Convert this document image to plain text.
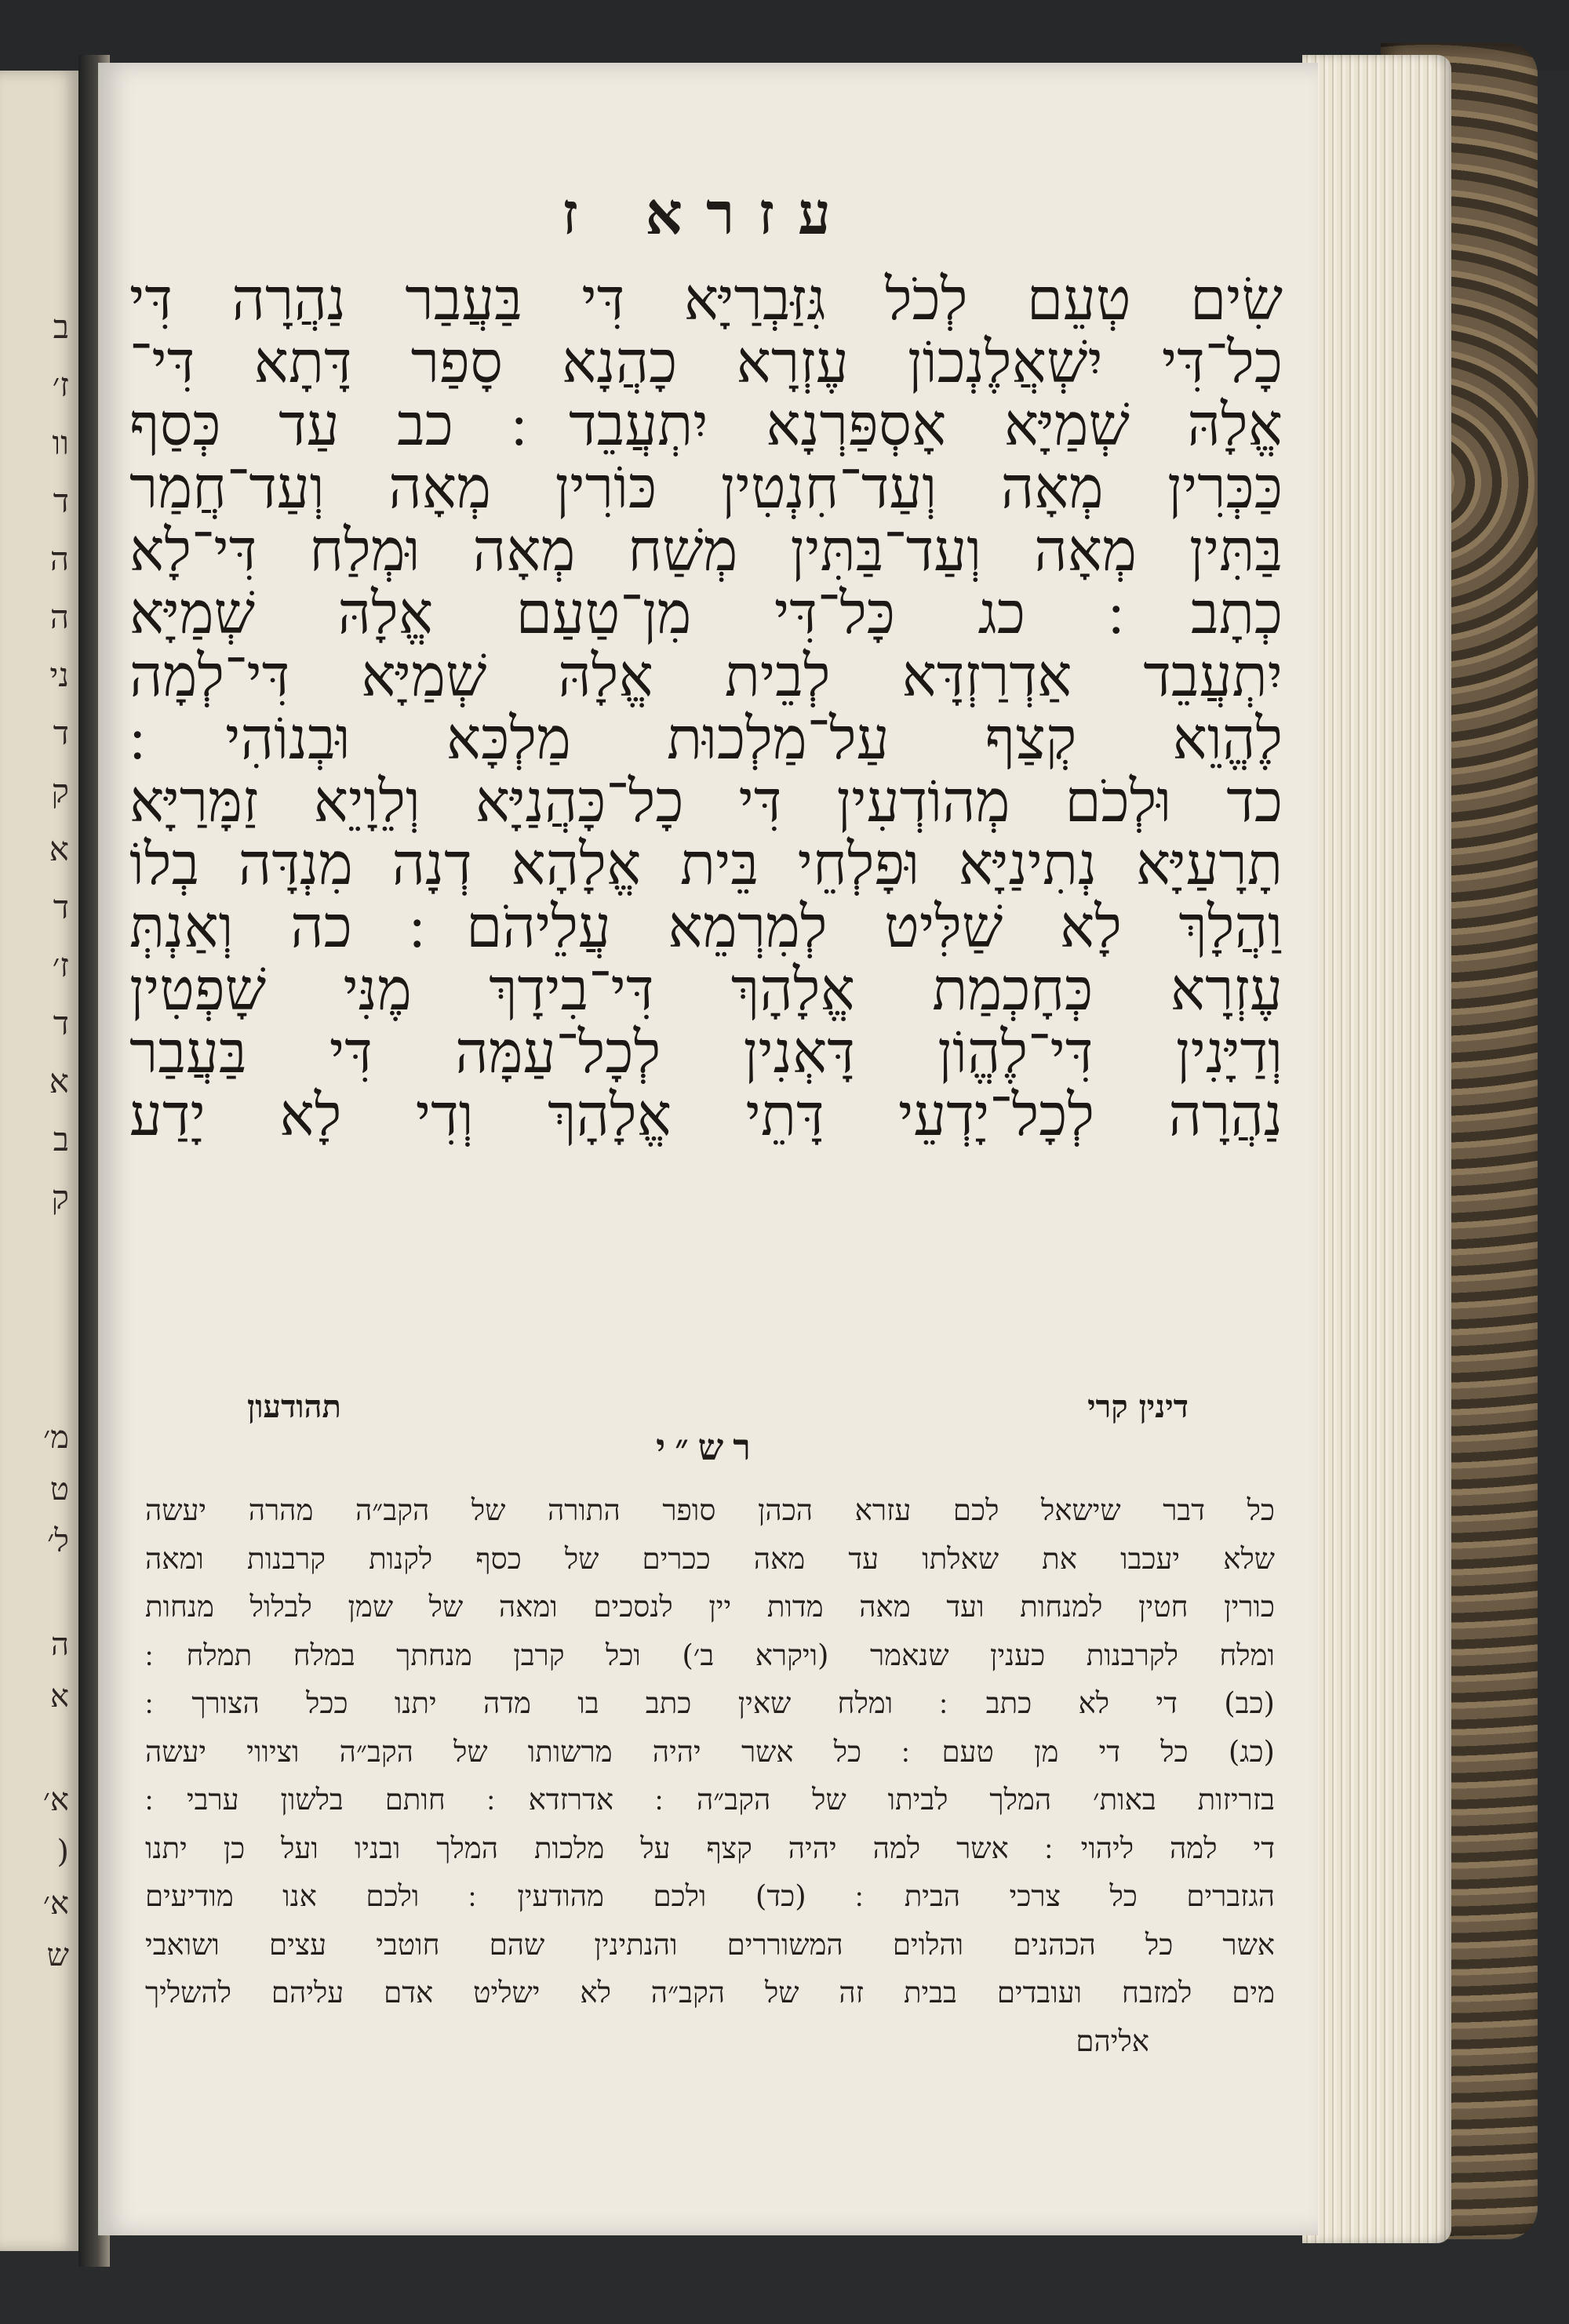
ב
ז׳
וו
ד
ה
ה
ני
ד
ק
א
ד
ז׳
ד
א
ב
ק
מ׳
ט
ל׳
ה
א
א׳
(
א׳
ש
עזרא ז
שִׂים טְעֵם לְכֹל גִּזַּבְרַיָּא דִּי בַּעֲבַר נַהֲרָה דִּי
כָל־דִּי יִשְׁאֲלֶנְכוֹן עֶזְרָא כָהֲנָא סָפַר דָּתָא דִּי־
אֱלָהּ שְׁמַיָּא אָסְפַּרְנָא יִתְעֲבֵד ׃ כב עַד כְּסַף
כַּכְּרִין מְאָה וְעַד־חִנְטִין כּוֹרִין מְאָה וְעַד־חֲמַר
בַּתִּין מְאָה וְעַד־בַּתִּין מְשַׁח מְאָה וּמְלַח דִּי־לָא
כְתָב ׃ כג כָּל־דִּי מִן־טַעַם אֱלָהּ שְׁמַיָּא
יִתְעֲבֵד אַדְרַזְדָּא לְבֵית אֱלָהּ שְׁמַיָּא דִּי־לְמָה
לֶהֱוֵא קְצַף עַל־מַלְכוּת מַלְכָּא וּבְנוֹהִי ׃
כד וּלְכֹם מְהוֹדְעִין דִּי כָל־כָּהֲנַיָּא וְלֵוָיֵא זַמָּרַיָּא
תָרָעַיָּא נְתִינַיָּא וּפָלְחֵי בֵּית אֱלָהָא דְנָה מִנְדָּה בְלוֹ
וַהֲלָךְ לָא שַׁלִּיט לְמִרְמֵא עֲלֵיהֹם ׃ כה וְאַנְתְּ
עֶזְרָא כְּחָכְמַת אֱלָהָךְ דִּי־בִידָךְ מֶנִּי שָׁפְטִין
וְדַיָּנִין דִּי־לֶהֱוֹן דָּאְנִין לְכָל־עַמָּה דִּי בַּעֲבַר
נַהֲרָה לְכָל־יָדְעֵי דָּתֵי אֱלָהָךְ וְדִי לָא יָדַע
דינין קרי
תהודעון
רש״י
כל דבר שישאל לכם עזרא הכהן סופר התורה של הקב״ה מהרה יעשה
שלא יעכבו את שאלתו עד מאה ככרים של כסף לקנות קרבנות ומאה
כורין חטין למנחות ועד מאה מדות יין לנסכים ומאה של שמן לבלול מנחות
ומלח לקרבנות כענין שנאמר (ויקרא ב׳) וכל קרבן מנחתך במלח תמלח ׃
(כב) די לא כתב ׃ ומלח שאין כתב בו מדה יתנו ככל הצורך ׃
(כג) כל די מן טעם ׃ כל אשר יהיה מרשותו של הקב״ה וציווי יעשה
בזריזות באות׳ המלך לביתו של הקב״ה ׃ אדרזדא ׃ חותם בלשון ערבי ׃
די למה ליהוי ׃ אשר למה יהיה קצף על מלכות המלך ובניו ועל כן יתנו
הגזברים כל צרכי הבית ׃ (כד) ולכם מהודעין ׃ ולכם אנו מודיעים
אשר כל הכהנים והלוים המשוררים והנתינין שהם חוטבי עצים ושואבי
מים למזבח ועובדים בבית זה של הקב״ה לא ישליט אדם עליהם להשליך
אליהם
